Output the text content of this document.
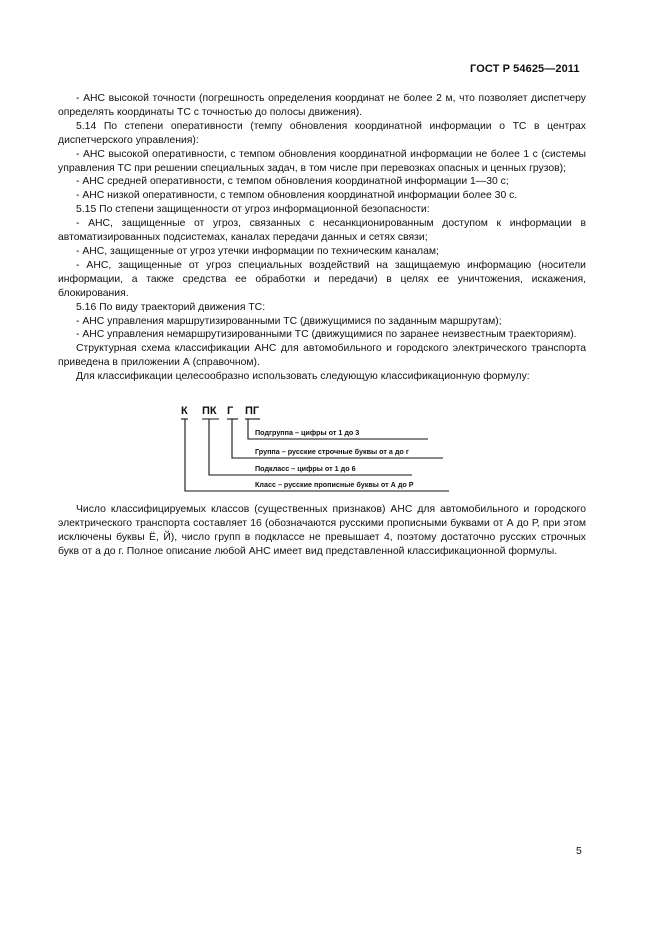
ГОСТ Р 54625—2011

- АНС высокой точности (погрешность определения координат не более 2 м, что позволяет диспетчеру определять координаты ТС с точностью до полосы движения).

5.14 По степени оперативности (темпу обновления координатной информации о ТС в центрах диспетчерского управления):

- АНС высокой оперативности, с темпом обновления координатной информации не более 1 с (системы управления ТС при решении специальных задач, в том числе при перевозках опасных и ценных грузов);

- АНС средней оперативности, с темпом обновления координатной информации 1—30 с;

- АНС низкой оперативности, с темпом обновления координатной информации более 30 с.

5.15 По степени защищенности от угроз информационной безопасности:

- АНС, защищенные от угроз, связанных с несанкционированным доступом к информации в автоматизированных подсистемах, каналах передачи данных и сетях связи;

- АНС, защищенные от угроз утечки информации по техническим каналам;

- АНС, защищенные от угроз специальных воздействий на защищаемую информацию (носители информации, а также средства ее обработки и передачи) в целях ее уничтожения, искажения, блокирования.

5.16 По виду траекторий движения ТС:

- АНС управления маршрутизированными ТС (движущимися по заданным маршрутам);

- АНС управления немаршрутизированными ТС (движущимися по заранее неизвестным траекториям).

Структурная схема классификации АНС для автомобильного и городского электрического транспорта приведена в приложении А (справочном).

Для классификации целесообразно использовать следующую классификационную формулу:

К ПК Г ПГ
Подгруппа – цифры от 1 до 3
Группа – русские строчные буквы от а до г
Подкласс – цифры от 1 до 6
Класс – русские прописные буквы от А до Р

Число классифицируемых классов (существенных признаков) АНС для автомобильного и городского электрического транспорта составляет 16 (обозначаются русскими прописными буквами от А до Р, при этом исключены буквы Ё, Й), число групп в подклассе не превышает 4, поэтому достаточно русских строчных букв от а до г. Полное описание любой АНС имеет вид представленной классификационной формулы.

5
